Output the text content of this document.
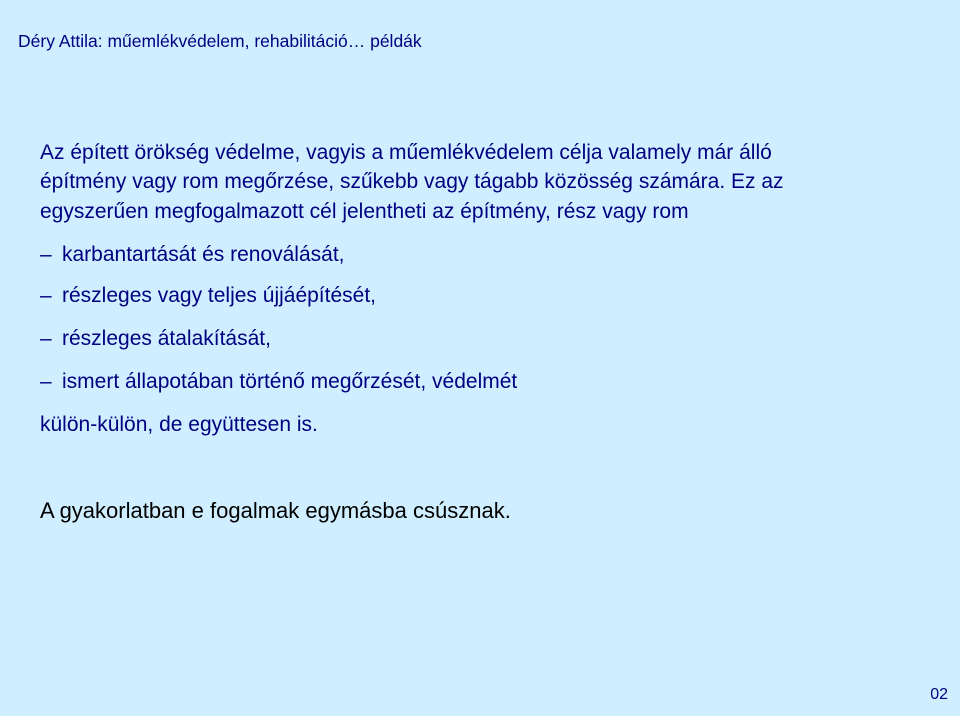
Déry Attila: műemlékvédelem, rehabilitáció… példák
Az épített örökség védelme, vagyis a műemlékvédelem célja valamely már álló
építmény vagy rom megőrzése, szűkebb vagy tágabb közösség számára. Ez az
egyszerűen megfogalmazott cél jelentheti az építmény, rész vagy rom
– karbantartását és renoválását,
– részleges vagy teljes újjáépítését,
– részleges átalakítását,
– ismert állapotában történő megőrzését, védelmét
külön-külön, de együttesen is.
A gyakorlatban e fogalmak egymásba csúsznak.
02
